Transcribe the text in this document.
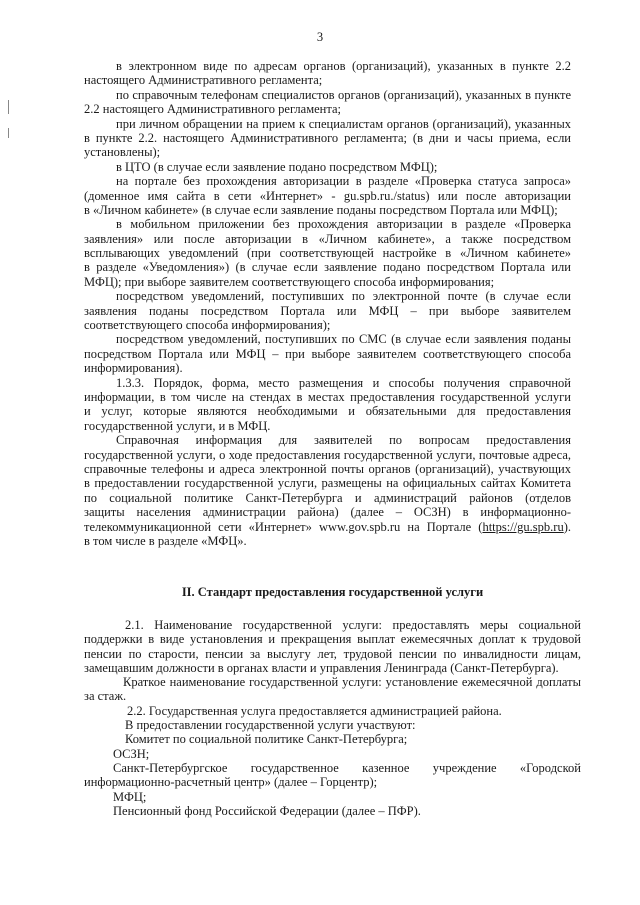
3
в электронном виде по адресам органов (организаций), указанных в пункте 2.2
настоящего Административного регламента;
по справочным телефонам специалистов органов (организаций), указанных в пункте
2.2 настоящего Административного регламента;
при личном обращении на прием к специалистам органов (организаций), указанных
в пункте 2.2. настоящего Административного регламента; (в дни и часы приема, если
установлены);
в ЦТО (в случае если заявление подано посредством МФЦ);
на портале без прохождения авторизации в разделе «Проверка статуса запроса»
(доменное имя сайта в сети «Интернет» - gu.spb.ru./status) или после авторизации
в «Личном кабинете» (в случае если заявление поданы посредством Портала или МФЦ);
в мобильном приложении без прохождения авторизации в разделе «Проверка
заявления» или после авторизации в «Личном кабинете», а также посредством
всплывающих уведомлений (при соответствующей настройке в «Личном кабинете»
в разделе «Уведомления») (в случае если заявление подано посредством Портала или
МФЦ); при выборе заявителем соответствующего способа информирования;
посредством уведомлений, поступивших по электронной почте (в случае если
заявления поданы посредством Портала или МФЦ – при выборе заявителем
соответствующего способа информирования);
посредством уведомлений, поступивших по СМС (в случае если заявления поданы
посредством Портала или МФЦ – при выборе заявителем соответствующего способа
информирования).
1.3.3. Порядок, форма, место размещения и способы получения справочной
информации, в том числе на стендах в местах предоставления государственной услуги
и услуг, которые являются необходимыми и обязательными для предоставления
государственной услуги, и в МФЦ.
Справочная информация для заявителей по вопросам предоставления
государственной услуги, о ходе предоставления государственной услуги, почтовые адреса,
справочные телефоны и адреса электронной почты органов (организаций), участвующих
в предоставлении государственной услуги, размещены на официальных сайтах Комитета
по социальной политике Санкт-Петербурга и администраций районов (отделов
защиты населения администрации района) (далее – ОСЗН) в информационно-
телекоммуникационной сети «Интернет» www.gov.spb.ru на Портале (https://gu.spb.ru).
в том числе в разделе «МФЦ».
II. Стандарт предоставления государственной услуги
2.1. Наименование государственной услуги: предоставлять меры социальной
поддержки в виде установления и прекращения выплат ежемесячных доплат к трудовой
пенсии по старости, пенсии за выслугу лет, трудовой пенсии по инвалидности лицам,
замещавшим должности в органах власти и управления Ленинграда (Санкт-Петербурга).
Краткое наименование государственной услуги: установление ежемесячной доплаты
за стаж.
2.2. Государственная услуга предоставляется администрацией района.
В предоставлении государственной услуги участвуют:
Комитет по социальной политике Санкт-Петербурга;
ОСЗН;
Санкт-Петербургское государственное казенное учреждение «Городской
информационно-расчетный центр» (далее – Горцентр);
МФЦ;
Пенсионный фонд Российской Федерации (далее – ПФР).
